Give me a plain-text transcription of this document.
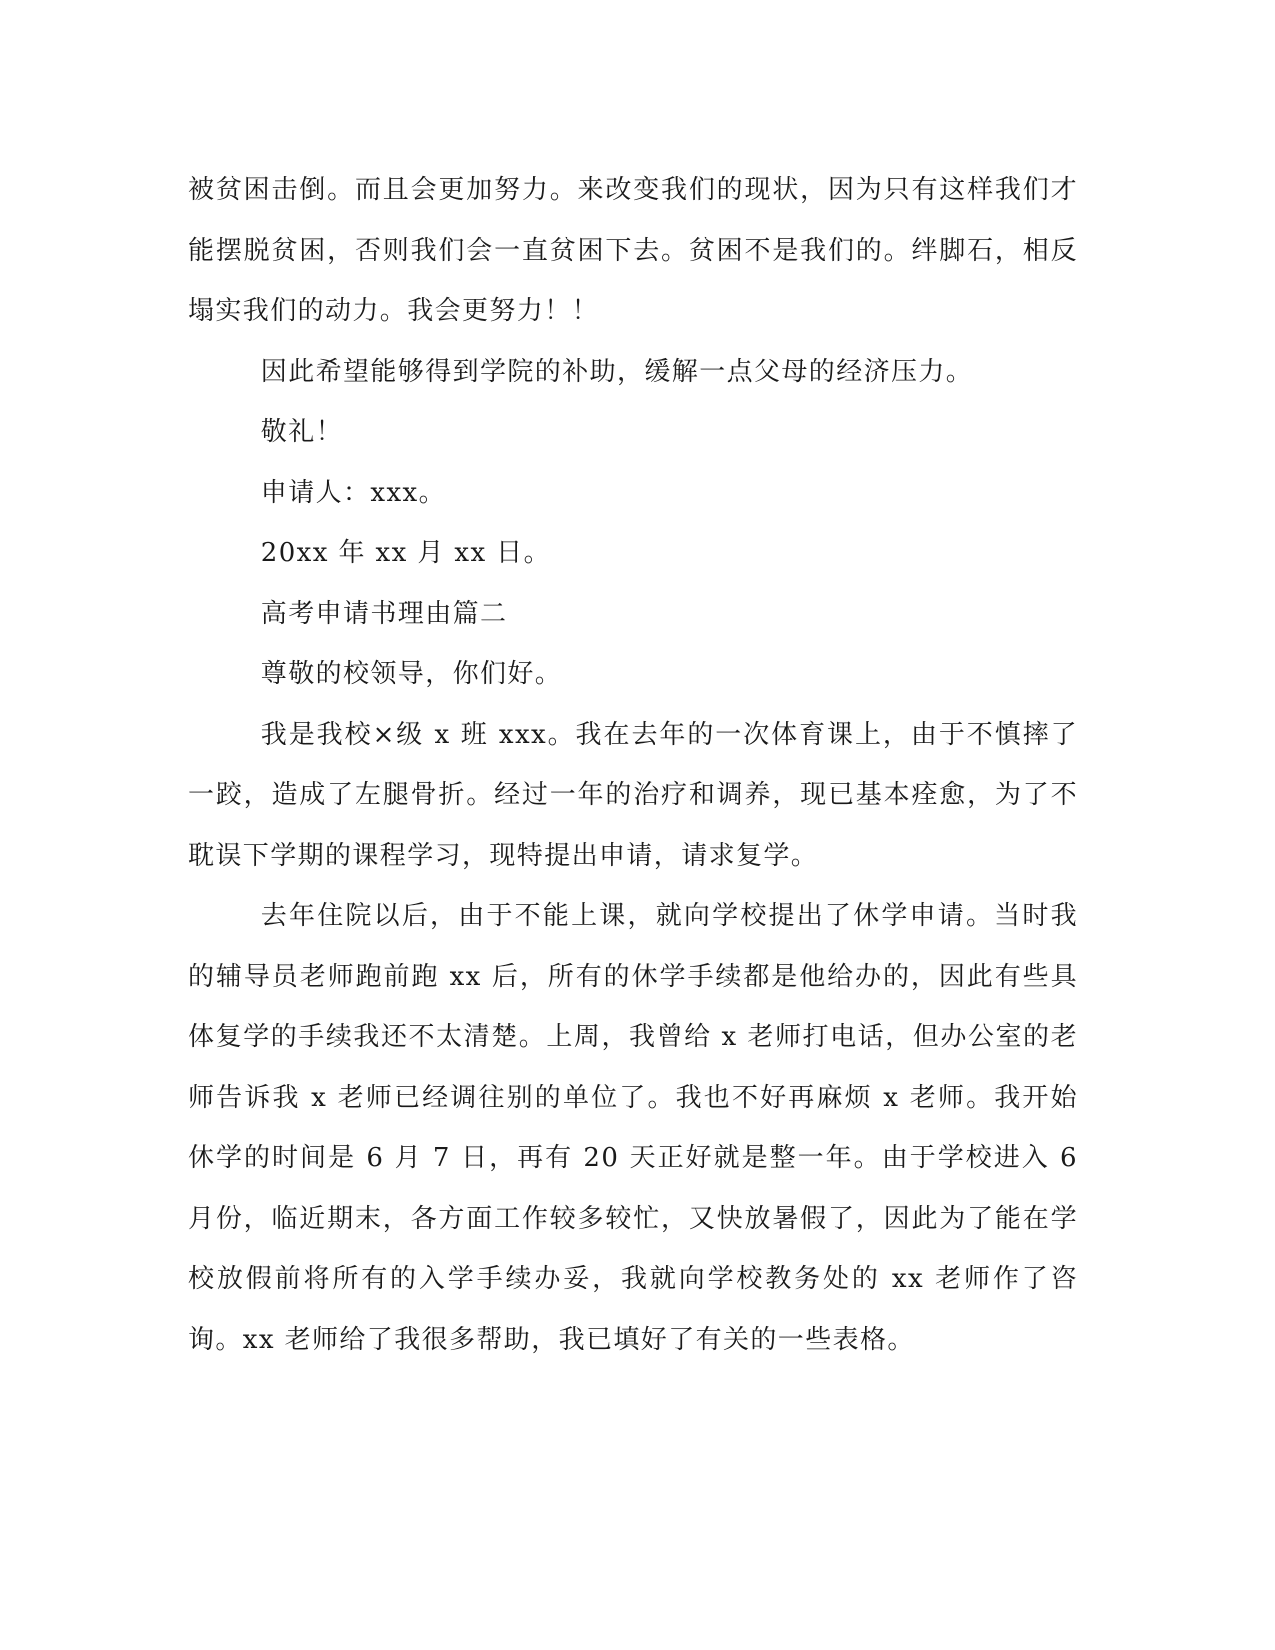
被贫困击倒。而且会更加努力。来改变我们的现状，因为只有这样我们才能摆脱贫困，否则我们会一直贫困下去。贫困不是我们的。绊脚石，相反塌实我们的动力。我会更努力！！

因此希望能够得到学院的补助，缓解一点父母的经济压力。

敬礼！

申请人：xxx。

20xx 年 xx 月 xx 日。

高考申请书理由篇二

尊敬的校领导，你们好。

我是我校×级 x 班 xxx。我在去年的一次体育课上，由于不慎摔了一跤，造成了左腿骨折。经过一年的治疗和调养，现已基本痊愈，为了不耽误下学期的课程学习，现特提出申请，请求复学。

去年住院以后，由于不能上课，就向学校提出了休学申请。当时我的辅导员老师跑前跑 xx 后，所有的休学手续都是他给办的，因此有些具体复学的手续我还不太清楚。上周，我曾给 x 老师打电话，但办公室的老师告诉我 x 老师已经调往别的单位了。我也不好再麻烦 x 老师。我开始休学的时间是 6 月 7 日，再有 20 天正好就是整一年。由于学校进入 6 月份，临近期末，各方面工作较多较忙，又快放暑假了，因此为了能在学校放假前将所有的入学手续办妥，我就向学校教务处的 xx 老师作了咨询。xx 老师给了我很多帮助，我已填好了有关的一些表格。
